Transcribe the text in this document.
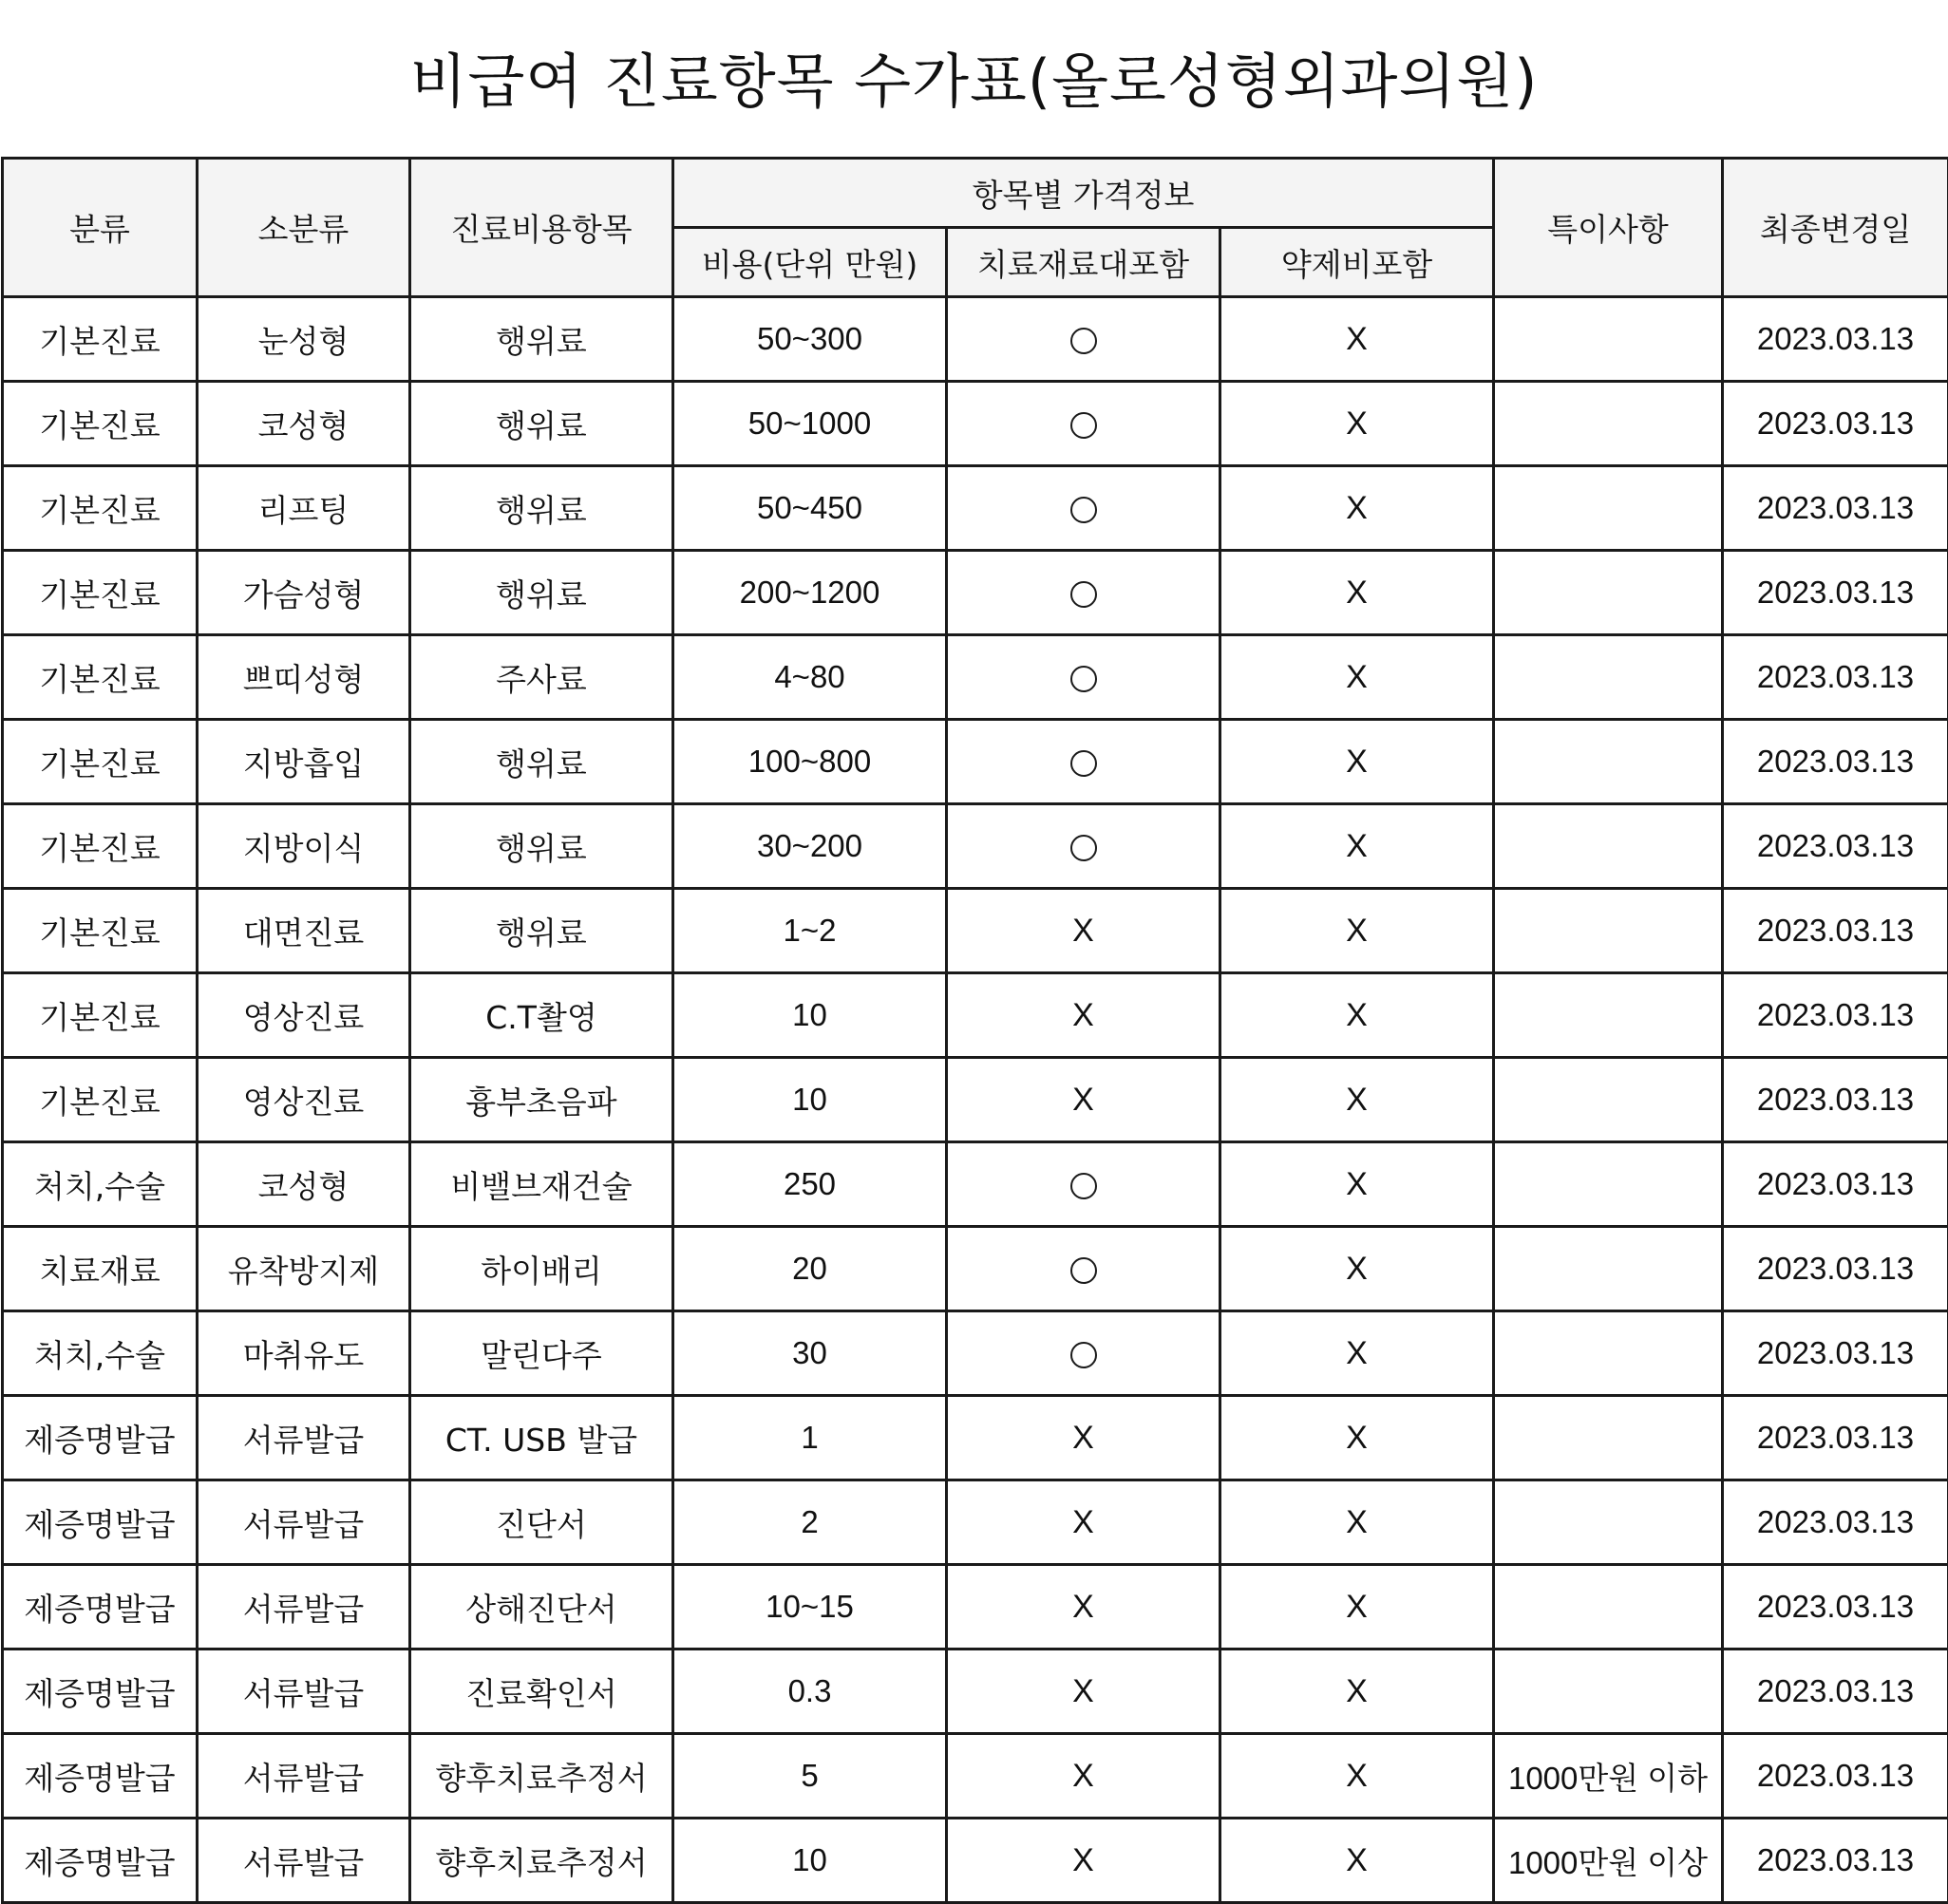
비급여 진료항목 수가표(올로성형외과의원)
분류	소분류	진료비용항목	항목별 가격정보			특이사항	최종변경일
			비용(단위 만원)	치료재료대포함	약제비포함		
기본진료	눈성형	행위료	50~300		X		2023.03.13
기본진료	코성형	행위료	50~1000		X		2023.03.13
기본진료	리프팅	행위료	50~450		X		2023.03.13
기본진료	가슴성형	행위료	200~1200		X		2023.03.13
기본진료	쁘띠성형	주사료	4~80		X		2023.03.13
기본진료	지방흡입	행위료	100~800		X		2023.03.13
기본진료	지방이식	행위료	30~200		X		2023.03.13
기본진료	대면진료	행위료	1~2	X	X		2023.03.13
기본진료	영상진료	C.T촬영	10	X	X		2023.03.13
기본진료	영상진료	흉부초음파	10	X	X		2023.03.13
처치,수술	코성형	비밸브재건술	250		X		2023.03.13
치료재료	유착방지제	하이배리	20		X		2023.03.13
처치,수술	마취유도	말린다주	30		X		2023.03.13
제증명발급	서류발급	CT. USB 발급	1	X	X		2023.03.13
제증명발급	서류발급	진단서	2	X	X		2023.03.13
제증명발급	서류발급	상해진단서	10~15	X	X		2023.03.13
제증명발급	서류발급	진료확인서	0.3	X	X		2023.03.13
제증명발급	서류발급	향후치료추정서	5	X	X	1000만원 이하	2023.03.13
제증명발급	서류발급	향후치료추정서	10	X	X	1000만원 이상	2023.03.13
